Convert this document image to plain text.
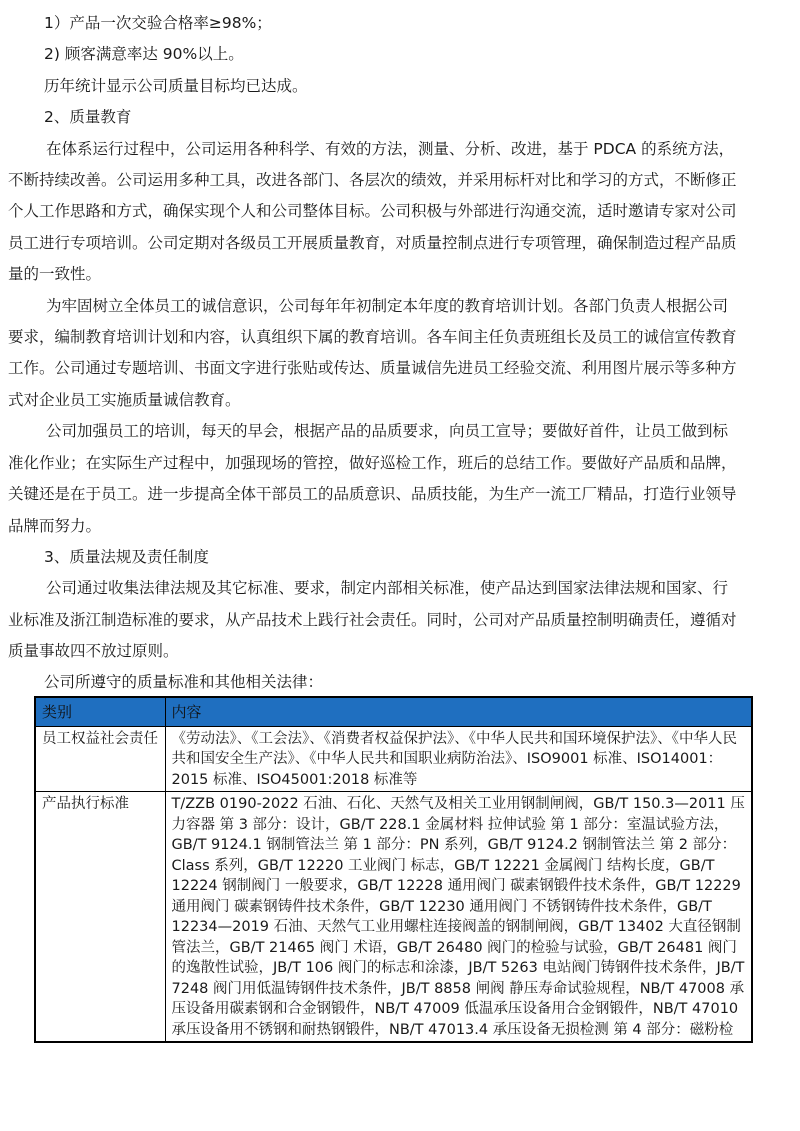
1）产品一次交验合格率≥98%；

2) 顾客满意率达 90%以上。

历年统计显示公司质量目标均已达成。

2、质量教育

在体系运行过程中，公司运用各种科学、有效的方法，测量、分析、改进，基于 PDCA 的系统方法，不断持续改善。公司运用多种工具，改进各部门、各层次的绩效，并采用标杆对比和学习的方式，不断修正个人工作思路和方式，确保实现个人和公司整体目标。公司积极与外部进行沟通交流，适时邀请专家对公司员工进行专项培训。公司定期对各级员工开展质量教育，对质量控制点进行专项管理，确保制造过程产品质量的一致性。

为牢固树立全体员工的诚信意识，公司每年年初制定本年度的教育培训计划。各部门负责人根据公司要求，编制教育培训计划和内容，认真组织下属的教育培训。各车间主任负责班组长及员工的诚信宣传教育工作。公司通过专题培训、书面文字进行张贴或传达、质量诚信先进员工经验交流、利用图片展示等多种方式对企业员工实施质量诚信教育。

公司加强员工的培训，每天的早会，根据产品的品质要求，向员工宣导；要做好首件，让员工做到标准化作业；在实际生产过程中，加强现场的管控，做好巡检工作，班后的总结工作。要做好产品质和品牌，关键还是在于员工。进一步提高全体干部员工的品质意识、品质技能，为生产一流工厂精品，打造行业领导品牌而努力。

3、质量法规及责任制度

公司通过收集法律法规及其它标准、要求，制定内部相关标准，使产品达到国家法律法规和国家、行业标准及浙江制造标准的要求，从产品技术上践行社会责任。同时，公司对产品质量控制明确责任，遵循对质量事故四不放过原则。

公司所遵守的质量标准和其他相关法律：

类别	内容
员工权益社会责任	《劳动法》、《工会法》、《消费者权益保护法》、《中华人民共和国环境保护法》、《中华人民共和国安全生产法》、《中华人民共和国职业病防治法》、ISO9001 标准、ISO14001：2015 标准、ISO45001:2018 标准等
产品执行标准	T/ZZB 0190-2022 石油、石化、天然气及相关工业用钢制闸阀，GB/T 150.3—2011 压力容器 第 3 部分：设计，GB/T 228.1 金属材料 拉伸试验 第 1 部分：室温试验方法，GB/T 9124.1 钢制管法兰 第 1 部分：PN 系列，GB/T 9124.2 钢制管法兰 第 2 部分：Class 系列，GB/T 12220 工业阀门 标志，GB/T 12221 金属阀门 结构长度，GB/T 12224 钢制阀门 一般要求，GB/T 12228 通用阀门 碳素钢锻件技术条件，GB/T 12229 通用阀门 碳素钢铸件技术条件，GB/T 12230 通用阀门 不锈钢铸件技术条件，GB/T 12234—2019 石油、天然气工业用螺柱连接阀盖的钢制闸阀，GB/T 13402 大直径钢制管法兰，GB/T 21465 阀门 术语，GB/T 26480 阀门的检验与试验，GB/T 26481 阀门的逸散性试验，JB/T 106 阀门的标志和涂漆，JB/T 5263 电站阀门铸钢件技术条件，JB/T 7248 阀门用低温铸钢件技术条件，JB/T 8858 闸阀 静压寿命试验规程，NB/T 47008 承压设备用碳素钢和合金钢锻件，NB/T 47009 低温承压设备用合金钢锻件，NB/T 47010 承压设备用不锈钢和耐热钢锻件，NB/T 47013.4 承压设备无损检测 第 4 部分：磁粉检
